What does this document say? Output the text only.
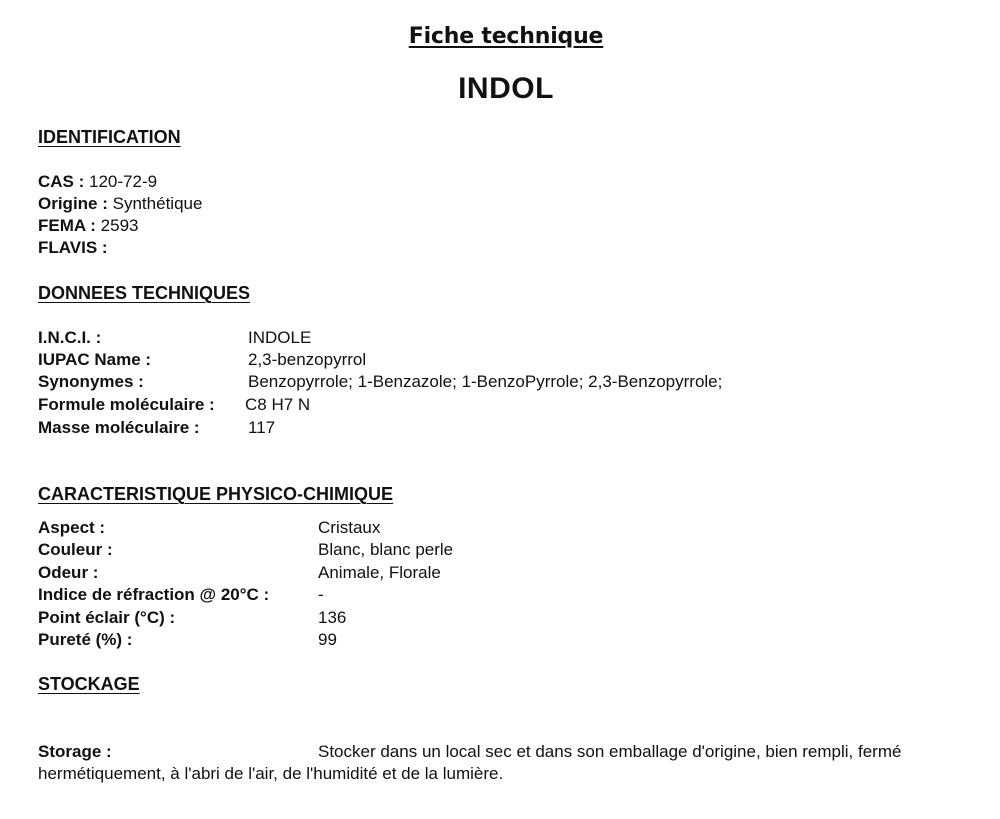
Fiche technique
INDOL
IDENTIFICATION
CAS : 120-72-9
Origine : Synthétique
FEMA : 2593
FLAVIS :
DONNEES TECHNIQUES
I.N.C.I. :	INDOLE
IUPAC Name :	2,3-benzopyrrol
Synonymes :	Benzopyrrole; 1-Benzazole; 1-BenzoPyrrole; 2,3-Benzopyrrole;
Formule moléculaire : C8 H7 N
Masse moléculaire :	117
CARACTERISTIQUE PHYSICO-CHIMIQUE
Aspect :	Cristaux
Couleur :	Blanc, blanc perle
Odeur :	Animale, Florale
Indice de réfraction @ 20°C :	-
Point éclair (°C) :	136
Pureté (%) :	99
STOCKAGE
Storage :	Stocker dans un local sec et dans son emballage d'origine, bien rempli, fermé hermétiquement, à l'abri de l'air, de l'humidité et de la lumière.
